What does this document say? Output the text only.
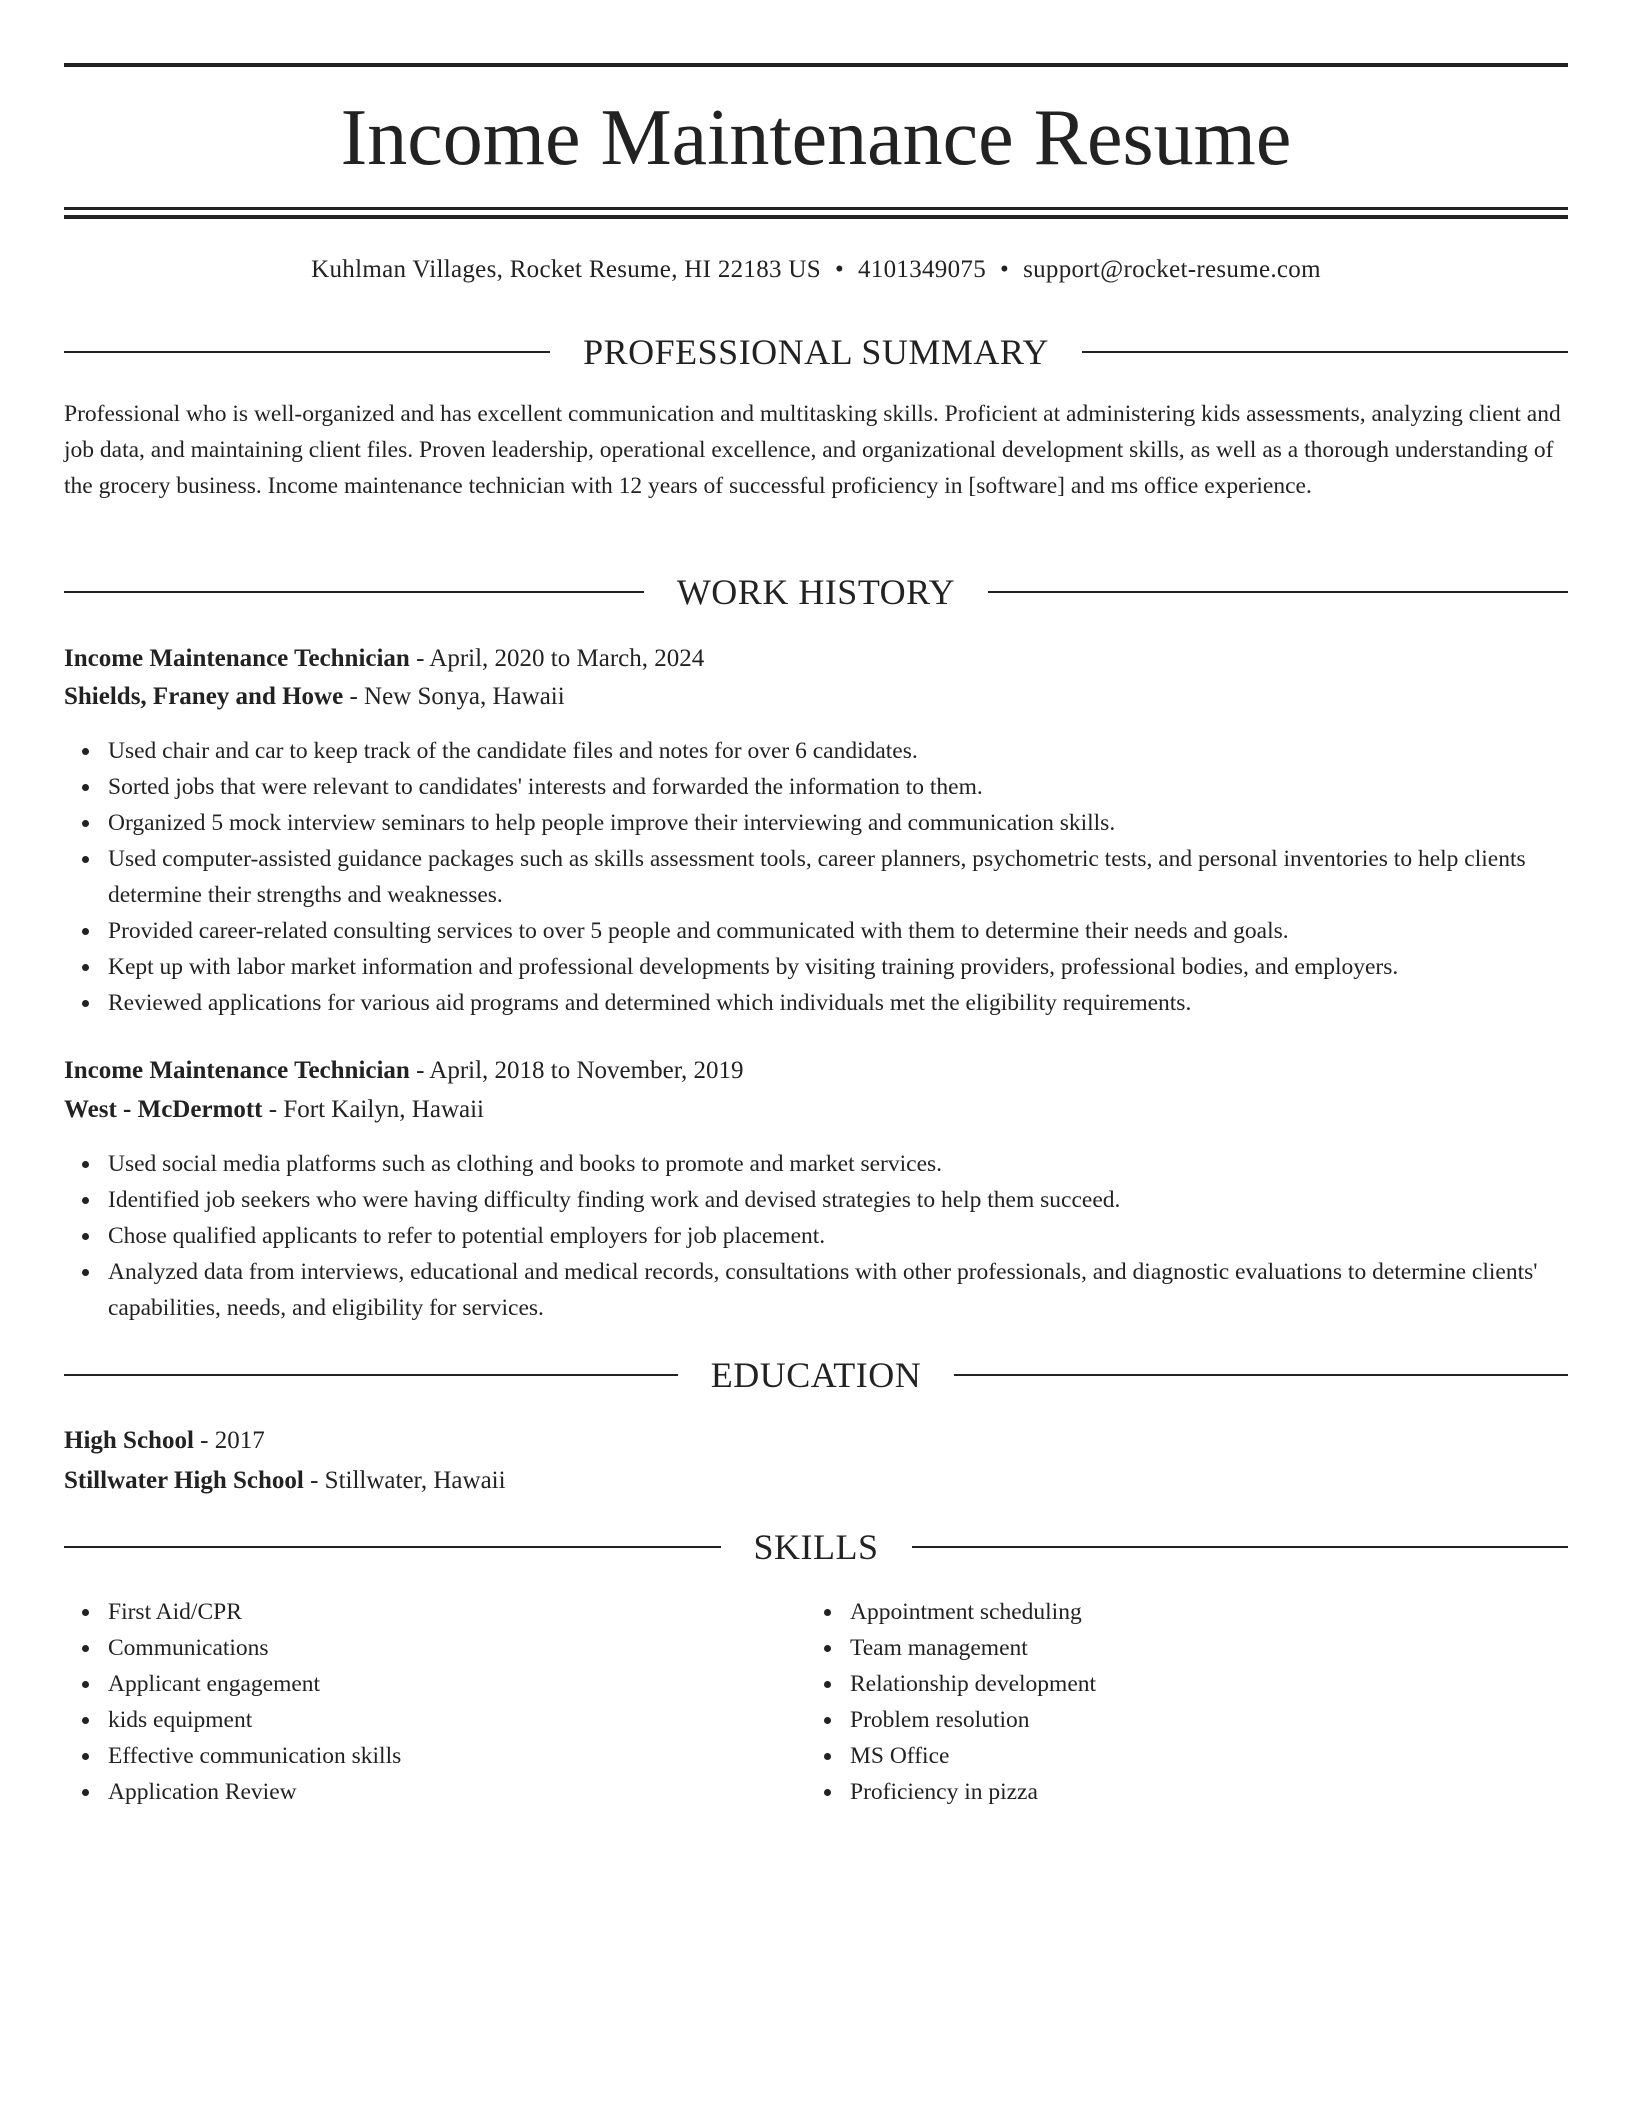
Income Maintenance Resume
Kuhlman Villages, Rocket Resume, HI 22183 US • 4101349075 • support@rocket-resume.com
PROFESSIONAL SUMMARY

Professional who is well-organized and has excellent communication and multitasking skills. Proficient at administering kids assessments, analyzing client and job data, and maintaining client files. Proven leadership, operational excellence, and organizational development skills, as well as a thorough understanding of the grocery business. Income maintenance technician with 12 years of successful proficiency in [software] and ms office experience.

WORK HISTORY
Income Maintenance Technician - April, 2020 to March, 2024
Shields, Franey and Howe - New Sonya, Hawaii
Used chair and car to keep track of the candidate files and notes for over 6 candidates.
Sorted jobs that were relevant to candidates' interests and forwarded the information to them.
Organized 5 mock interview seminars to help people improve their interviewing and communication skills.
Used computer-assisted guidance packages such as skills assessment tools, career planners, psychometric tests, and personal inventories to help clients determine their strengths and weaknesses.
Provided career-related consulting services to over 5 people and communicated with them to determine their needs and goals.
Kept up with labor market information and professional developments by visiting training providers, professional bodies, and employers.
Reviewed applications for various aid programs and determined which individuals met the eligibility requirements.
Income Maintenance Technician - April, 2018 to November, 2019
West - McDermott - Fort Kailyn, Hawaii
Used social media platforms such as clothing and books to promote and market services.
Identified job seekers who were having difficulty finding work and devised strategies to help them succeed.
Chose qualified applicants to refer to potential employers for job placement.
Analyzed data from interviews, educational and medical records, consultations with other professionals, and diagnostic evaluations to determine clients' capabilities, needs, and eligibility for services.
EDUCATION
High School - 2017
Stillwater High School - Stillwater, Hawaii
SKILLS
First Aid/CPR
Communications
Applicant engagement
kids equipment
Effective communication skills
Application Review
Appointment scheduling
Team management
Relationship development
Problem resolution
MS Office
Proficiency in pizza
